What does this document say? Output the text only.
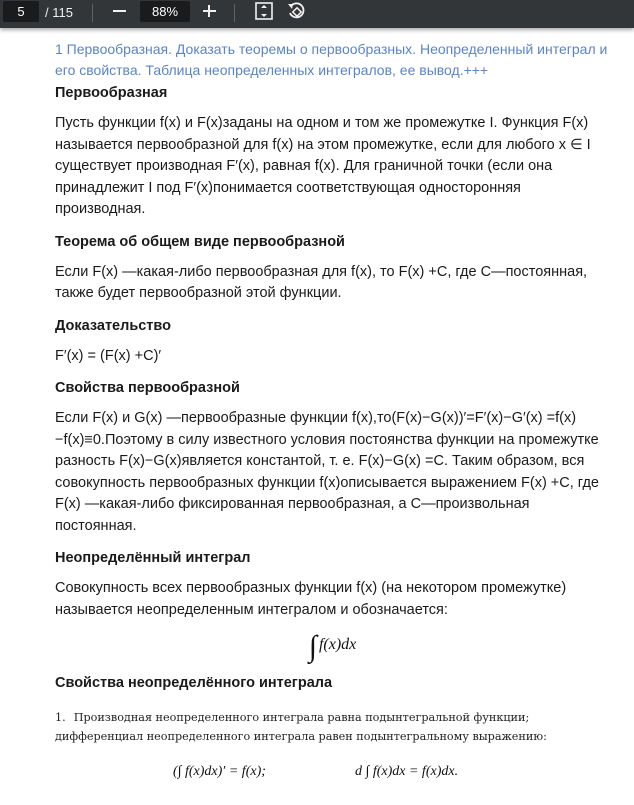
5	/ 115	88%

1 Первообразная. Доказать теоремы о первообразных. Неопределенный интеграл и его свойства. Таблица неопределенных интегралов, ее вывод.+++

Первообразная

Пусть функции f(x) и F(x)заданы на одном и том же промежутке I. Функция F(x) называется первообразной для f(x) на этом промежутке, если для любого x ∈ I существует производная F′(x), равная f(x). Для граничной точки (если она принадлежит I под F′(x)понимается соответствующая односторонняя производная.

Теорема об общем виде первообразной

Если F(x) —какая-либо первообразная для f(x), то F(x) +C, где C—постоянная, также будет первообразной этой функции.

Доказательство

F′(x) = (F(x) +C)′

Свойства первообразной

Если F(x) и G(x) —первообразные функции f(x),то(F(x)−G(x))′=F′(x)−G′(x) =f(x)−f(x)≡0.Поэтому в силу известного условия постоянства функции на промежутке разность F(x)−G(x)является константой, т. е. F(x)−G(x) =C. Таким образом, вся совокупность первообразных функции f(x)описывается выражением F(x) +C, где F(x) —какая-либо фиксированная первообразная, а C—произвольная постоянная.

Неопределённый интеграл

Совокупность всех первообразных функции f(x) (на некотором промежутке) называется неопределенным интегралом и обозначается:

∫ f(x)dx

Свойства неопределённого интеграла

1. Производная неопределенного интеграла равна подынтегральной функции; дифференциал неопределенного интеграла равен подынтегральному выражению:

(∫ f(x)dx)′ = f(x);	d ∫ f(x)dx = f(x)dx.
